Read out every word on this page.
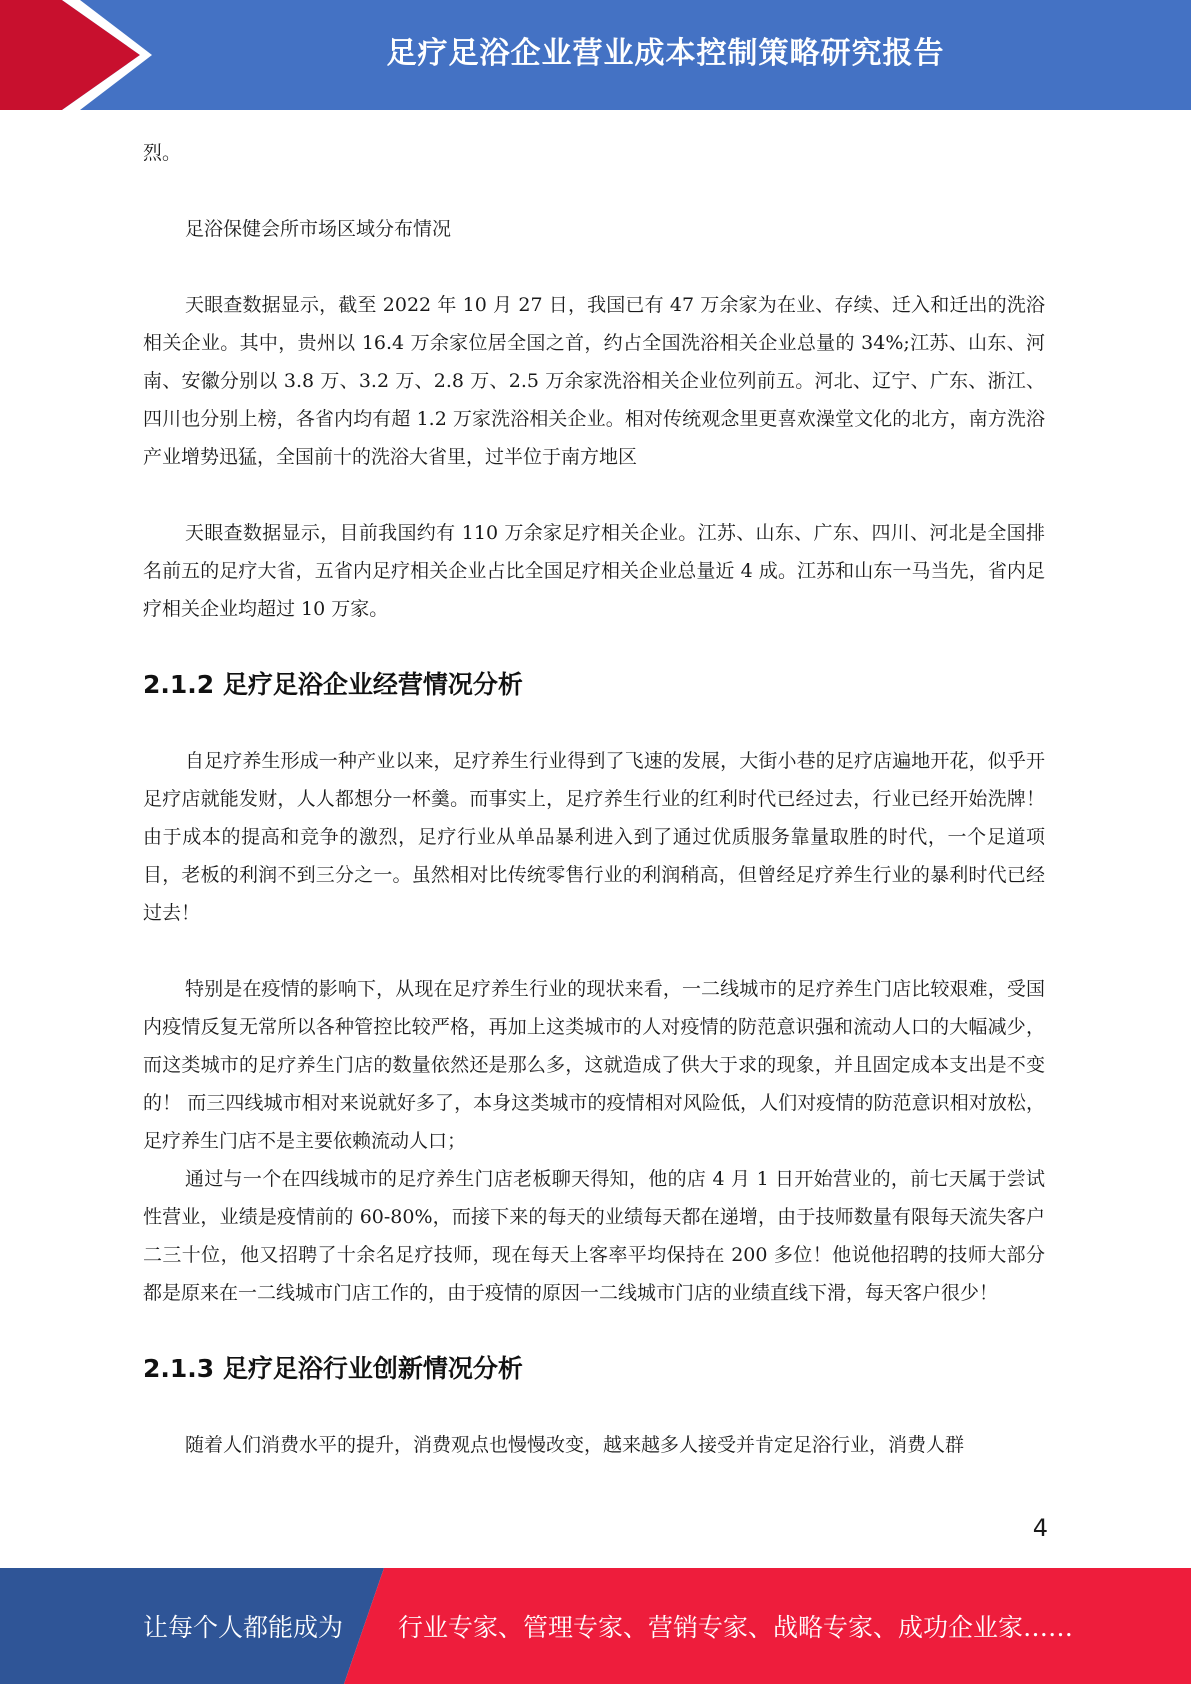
足疗足浴企业营业成本控制策略研究报告

烈。

足浴保健会所市场区域分布情况

天眼查数据显示，截至 2022 年 10 月 27 日，我国已有 47 万余家为在业、存续、迁入和迁出的洗浴相关企业。其中，贵州以 16.4 万余家位居全国之首，约占全国洗浴相关企业总量的 34%;江苏、山东、河南、安徽分别以 3.8 万、3.2 万、2.8 万、2.5 万余家洗浴相关企业位列前五。河北、辽宁、广东、浙江、四川也分别上榜，各省内均有超 1.2 万家洗浴相关企业。相对传统观念里更喜欢澡堂文化的北方，南方洗浴产业增势迅猛，全国前十的洗浴大省里，过半位于南方地区

天眼查数据显示，目前我国约有 110 万余家足疗相关企业。江苏、山东、广东、四川、河北是全国排名前五的足疗大省，五省内足疗相关企业占比全国足疗相关企业总量近 4 成。江苏和山东一马当先，省内足疗相关企业均超过 10 万家。

2.1.2 足疗足浴企业经营情况分析

自足疗养生形成一种产业以来，足疗养生行业得到了飞速的发展，大街小巷的足疗店遍地开花，似乎开足疗店就能发财，人人都想分一杯羹。而事实上，足疗养生行业的红利时代已经过去，行业已经开始洗牌！由于成本的提高和竞争的激烈，足疗行业从单品暴利进入到了通过优质服务靠量取胜的时代，一个足道项目，老板的利润不到三分之一。虽然相对比传统零售行业的利润稍高，但曾经足疗养生行业的暴利时代已经过去！

特别是在疫情的影响下，从现在足疗养生行业的现状来看，一二线城市的足疗养生门店比较艰难，受国内疫情反复无常所以各种管控比较严格，再加上这类城市的人对疫情的防范意识强和流动人口的大幅减少，而这类城市的足疗养生门店的数量依然还是那么多，这就造成了供大于求的现象，并且固定成本支出是不变的！ 而三四线城市相对来说就好多了，本身这类城市的疫情相对风险低，人们对疫情的防范意识相对放松，足疗养生门店不是主要依赖流动人口；

通过与一个在四线城市的足疗养生门店老板聊天得知，他的店 4 月 1 日开始营业的，前七天属于尝试性营业，业绩是疫情前的 60-80%，而接下来的每天的业绩每天都在递增，由于技师数量有限每天流失客户二三十位，他又招聘了十余名足疗技师，现在每天上客率平均保持在 200 多位！他说他招聘的技师大部分都是原来在一二线城市门店工作的，由于疫情的原因一二线城市门店的业绩直线下滑，每天客户很少！

2.1.3 足疗足浴行业创新情况分析

随着人们消费水平的提升，消费观点也慢慢改变，越来越多人接受并肯定足浴行业，消费人群

4
让每个人都能成为 行业专家、管理专家、营销专家、战略专家、成功企业家……
